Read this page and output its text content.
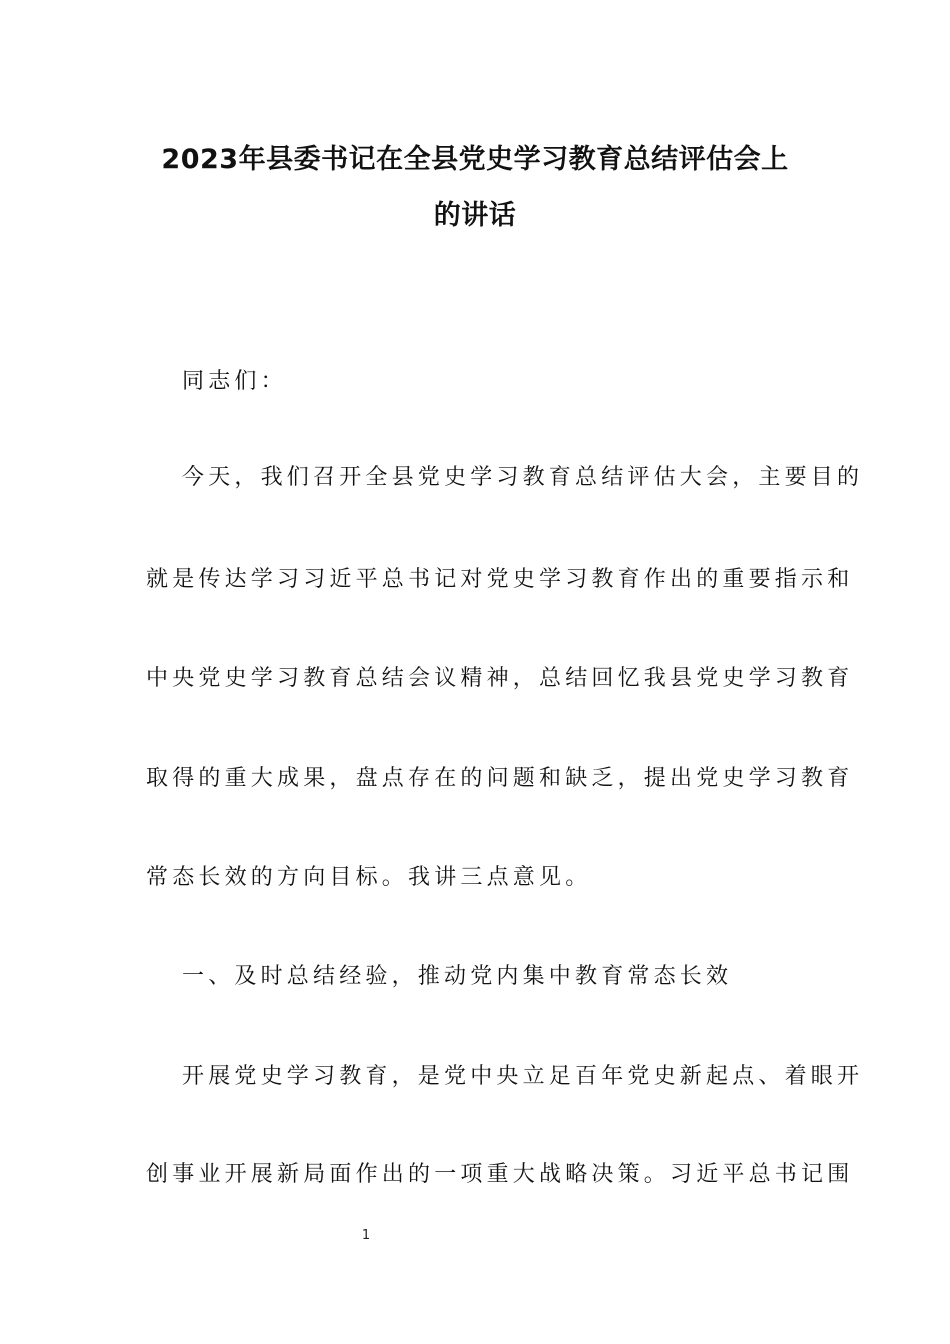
2023年县委书记在全县党史学习教育总结评估会上
的讲话

同志们：

今天，我们召开全县党史学习教育总结评估大会，主要目的

就是传达学习习近平总书记对党史学习教育作出的重要指示和

中央党史学习教育总结会议精神，总结回忆我县党史学习教育

取得的重大成果，盘点存在的问题和缺乏，提出党史学习教育

常态长效的方向目标。我讲三点意见。

一、及时总结经验，推动党内集中教育常态长效

开展党史学习教育，是党中央立足百年党史新起点、着眼开

创事业开展新局面作出的一项重大战略决策。习近平总书记围

1
